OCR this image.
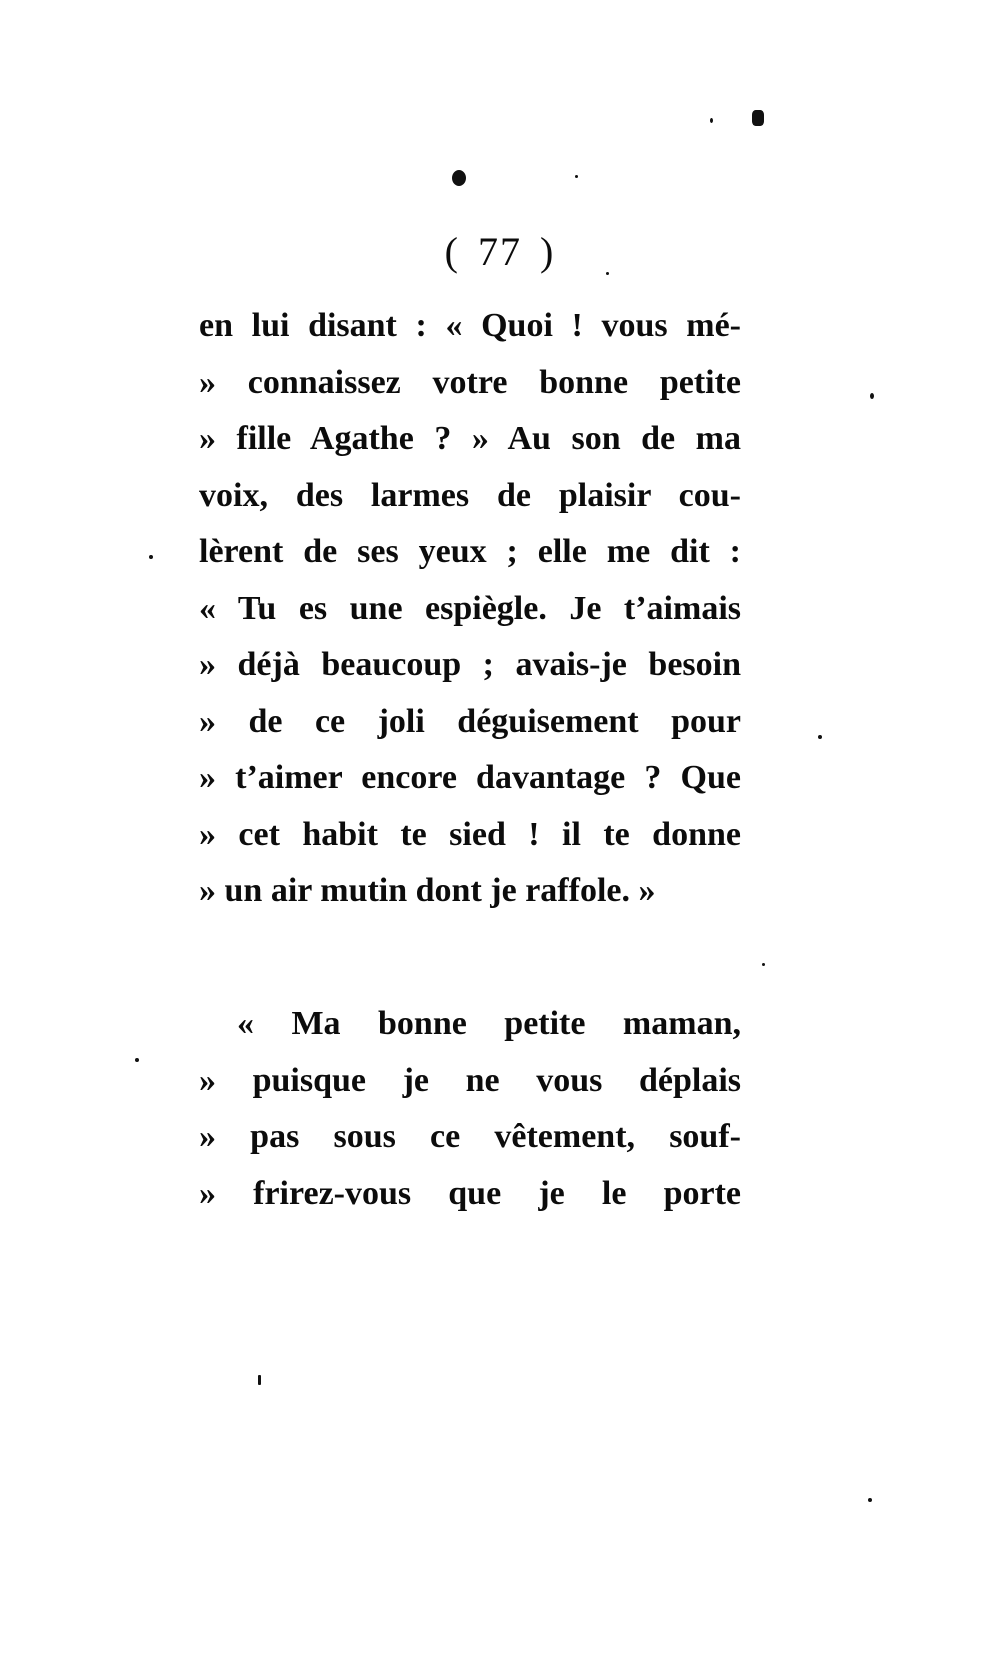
( 77 )
en lui disant : « Quoi ! vous mé-
» connaissez votre bonne petite
» fille Agathe ? » Au son de ma
voix, des larmes de plaisir cou-
lèrent de ses yeux ; elle me dit :
« Tu es une espiègle. Je t’aimais
» déjà beaucoup ; avais-je besoin
» de ce joli déguisement pour
» t’aimer encore davantage ? Que
» cet habit te sied ! il te donne
» un air mutin dont je raffole. »
« Ma bonne petite maman,
» puisque je ne vous déplais
» pas sous ce vêtement, souf-
» frirez-vous que je le porte
